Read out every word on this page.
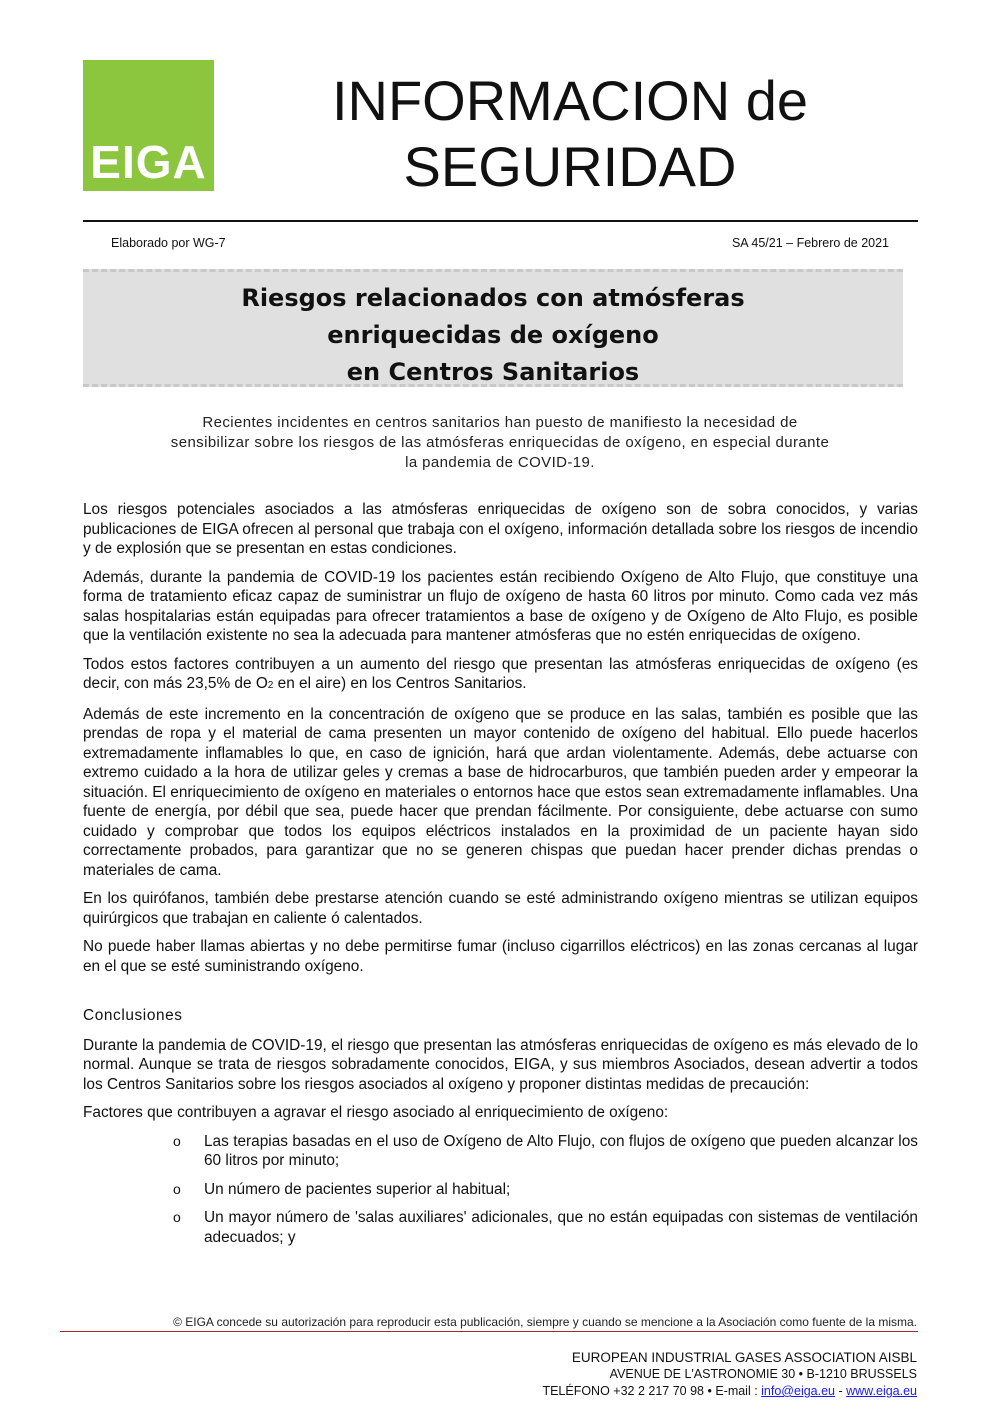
EIGA
INFORMACION de
SEGURIDAD
Elaborado por WG-7	SA 45/21 – Febrero de 2021
Riesgos relacionados con atmósferas
enriquecidas de oxígeno
en Centros Sanitarios
Recientes incidentes en centros sanitarios han puesto de manifiesto la necesidad de sensibilizar sobre los riesgos de las atmósferas enriquecidas de oxígeno, en especial durante la pandemia de COVID-19.

Los riesgos potenciales asociados a las atmósferas enriquecidas de oxígeno son de sobra conocidos, y varias publicaciones de EIGA ofrecen al personal que trabaja con el oxígeno, información detallada sobre los riesgos de incendio y de explosión que se presentan en estas condiciones.

Además, durante la pandemia de COVID-19 los pacientes están recibiendo Oxígeno de Alto Flujo, que constituye una forma de tratamiento eficaz capaz de suministrar un flujo de oxígeno de hasta 60 litros por minuto. Como cada vez más salas hospitalarias están equipadas para ofrecer tratamientos a base de oxígeno y de Oxígeno de Alto Flujo, es posible que la ventilación existente no sea la adecuada para mantener atmósferas que no estén enriquecidas de oxígeno.

Todos estos factores contribuyen a un aumento del riesgo que presentan las atmósferas enriquecidas de oxígeno (es decir, con más 23,5% de O2 en el aire) en los Centros Sanitarios.

Además de este incremento en la concentración de oxígeno que se produce en las salas, también es posible que las prendas de ropa y el material de cama presenten un mayor contenido de oxígeno del habitual. Ello puede hacerlos extremadamente inflamables lo que, en caso de ignición, hará que ardan violentamente. Además, debe actuarse con extremo cuidado a la hora de utilizar geles y cremas a base de hidrocarburos, que también pueden arder y empeorar la situación. El enriquecimiento de oxígeno en materiales o entornos hace que estos sean extremadamente inflamables. Una fuente de energía, por débil que sea, puede hacer que prendan fácilmente. Por consiguiente, debe actuarse con sumo cuidado y comprobar que todos los equipos eléctricos instalados en la proximidad de un paciente hayan sido correctamente probados, para garantizar que no se generen chispas que puedan hacer prender dichas prendas o materiales de cama.

En los quirófanos, también debe prestarse atención cuando se esté administrando oxígeno mientras se utilizan equipos quirúrgicos que trabajan en caliente ó calentados.

No puede haber llamas abiertas y no debe permitirse fumar (incluso cigarrillos eléctricos) en las zonas cercanas al lugar en el que se esté suministrando oxígeno.

Conclusiones

Durante la pandemia de COVID-19, el riesgo que presentan las atmósferas enriquecidas de oxígeno es más elevado de lo normal. Aunque se trata de riesgos sobradamente conocidos, EIGA, y sus miembros Asociados, desean advertir a todos los Centros Sanitarios sobre los riesgos asociados al oxígeno y proponer distintas medidas de precaución:

Factores que contribuyen a agravar el riesgo asociado al enriquecimiento de oxígeno:

o Las terapias basadas en el uso de Oxígeno de Alto Flujo, con flujos de oxígeno que pueden alcanzar los 60 litros por minuto;
o Un número de pacientes superior al habitual;
o Un mayor número de 'salas auxiliares' adicionales, que no están equipadas con sistemas de ventilación adecuados; y
© EIGA concede su autorización para reproducir esta publicación, siempre y cuando se mencione a la Asociación como fuente de la misma.
EUROPEAN INDUSTRIAL GASES ASSOCIATION AISBL
AVENUE DE L'ASTRONOMIE 30 • B-1210 BRUSSELS
TELÉFONO +32 2 217 70 98 • E-mail : info@eiga.eu - www.eiga.eu
